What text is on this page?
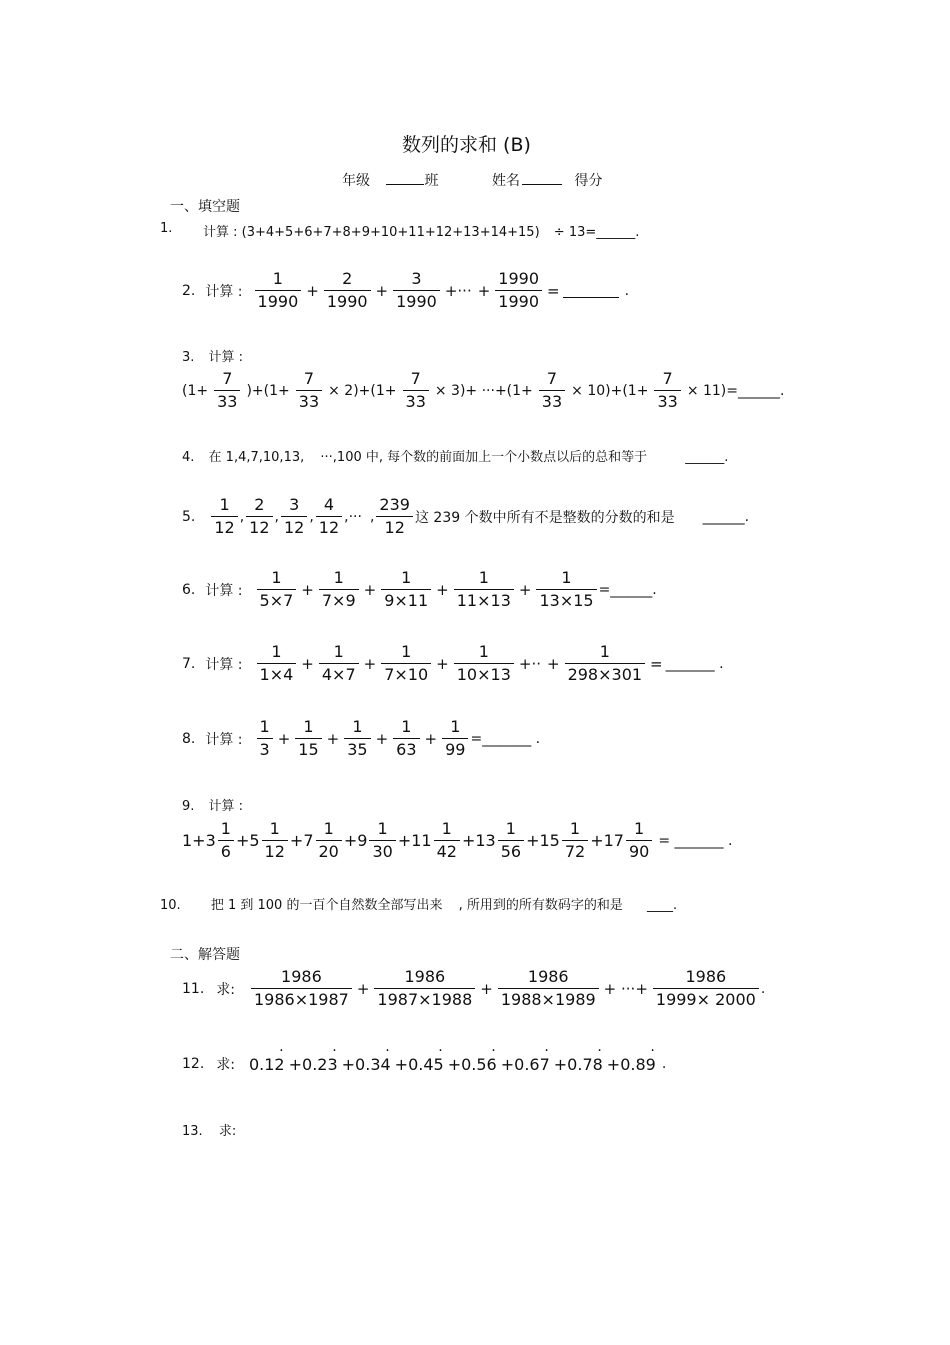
数列的求和 (B)
年级	班	姓名	得分
一、填空题
1. 计算 : (3+4+5+6+7+8+9+10+11+12+13+14+15) ÷ 13=______.
2. 计算 : $\frac{1}{1990} + \frac{2}{1990} + \frac{3}{1990}$ +··· + $\frac{1990}{1990}$ =	.
3. 计算 :
$(1+ \frac{7}{33} )+(1+ \frac{7}{33} \times 2)+(1+ \frac{7}{33} \times 3)+ \cdot\cdot\cdot+(1+ \frac{7}{33} \times 10)+(1+ \frac{7}{33}$ × 11)=______.
4. 在 1,4,7,10,13, ···,100 中, 每个数的前面加上一个小数点以后的总和等于	______.
5. $\frac{1}{12}$ , $\frac{2}{12}$ , $\frac{3}{12}$ , $\frac{4}{12}$ ,··· , $\frac{239}{12}$ 这 239 个数中所有不是整数的分数的和是 ______.
6. 计算 : $\frac{1}{5\times 7} + \frac{1}{7\times 9} + \frac{1}{9\times 11} + \frac{1}{11\times 13} + \frac{1}{13\times 15}$ =______.
7. 计算 : $\frac{1}{1\times 4} + \frac{1}{4\times 7} + \frac{1}{7\times 10} + \frac{1}{10\times 13}$ +·· + $\frac{1}{298\times 301}$ = _______ .
8. 计算 : $\frac{1}{3} + \frac{1}{15} + \frac{1}{35} + \frac{1}{63} + \frac{1}{99}$ =_______ .
9. 计算 :
$1+3 \frac{1}{6} +5 \frac{1}{12} +7 \frac{1}{20} +9 \frac{1}{30} +11 \frac{1}{42} +13 \frac{1}{56} +15 \frac{1}{72} +17 \frac{1}{90}$ = _______ .
10. 把 1 到 100 的一百个自然数全部写出来 , 所用到的所有数码字的和是 ____.
二、解答题
11. 求: $\frac{1986}{1986\times 1987} + \frac{1986}{1987\times 1988} + \frac{1986}{1988\times 1989}$ + ···+ $\frac{1986}{1999\times 2000}$ .
12. 求: 0.12 · +0.23 · +0.34 · +0.45 · +0.56 · +0.67 · +0.78 · +0.89 · .
13. 求:
